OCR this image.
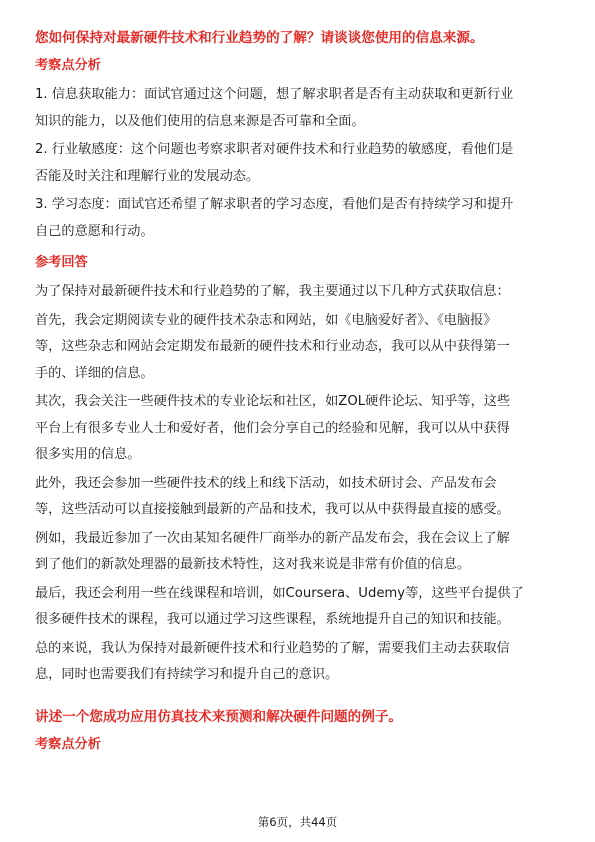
您如何保持对最新硬件技术和行业趋势的了解？请谈谈您使用的信息来源。
考察点分析
1. 信息获取能力：面试官通过这个问题，想了解求职者是否有主动获取和更新行业
知识的能力，以及他们使用的信息来源是否可靠和全面。
2. 行业敏感度：这个问题也考察求职者对硬件技术和行业趋势的敏感度，看他们是
否能及时关注和理解行业的发展动态。
3. 学习态度：面试官还希望了解求职者的学习态度，看他们是否有持续学习和提升
自己的意愿和行动。
参考回答
为了保持对最新硬件技术和行业趋势的了解，我主要通过以下几种方式获取信息：
首先，我会定期阅读专业的硬件技术杂志和网站，如《电脑爱好者》、《电脑报》
等，这些杂志和网站会定期发布最新的硬件技术和行业动态，我可以从中获得第一
手的、详细的信息。
其次，我会关注一些硬件技术的专业论坛和社区，如ZOL硬件论坛、知乎等，这些
平台上有很多专业人士和爱好者，他们会分享自己的经验和见解，我可以从中获得
很多实用的信息。
此外，我还会参加一些硬件技术的线上和线下活动，如技术研讨会、产品发布会
等，这些活动可以直接接触到最新的产品和技术，我可以从中获得最直接的感受。
例如，我最近参加了一次由某知名硬件厂商举办的新产品发布会，我在会议上了解
到了他们的新款处理器的最新技术特性，这对我来说是非常有价值的信息。
最后，我还会利用一些在线课程和培训，如Coursera、Udemy等，这些平台提供了
很多硬件技术的课程，我可以通过学习这些课程，系统地提升自己的知识和技能。
总的来说，我认为保持对最新硬件技术和行业趋势的了解，需要我们主动去获取信
息，同时也需要我们有持续学习和提升自己的意识。
讲述一个您成功应用仿真技术来预测和解决硬件问题的例子。
考察点分析
第6页，共44页
